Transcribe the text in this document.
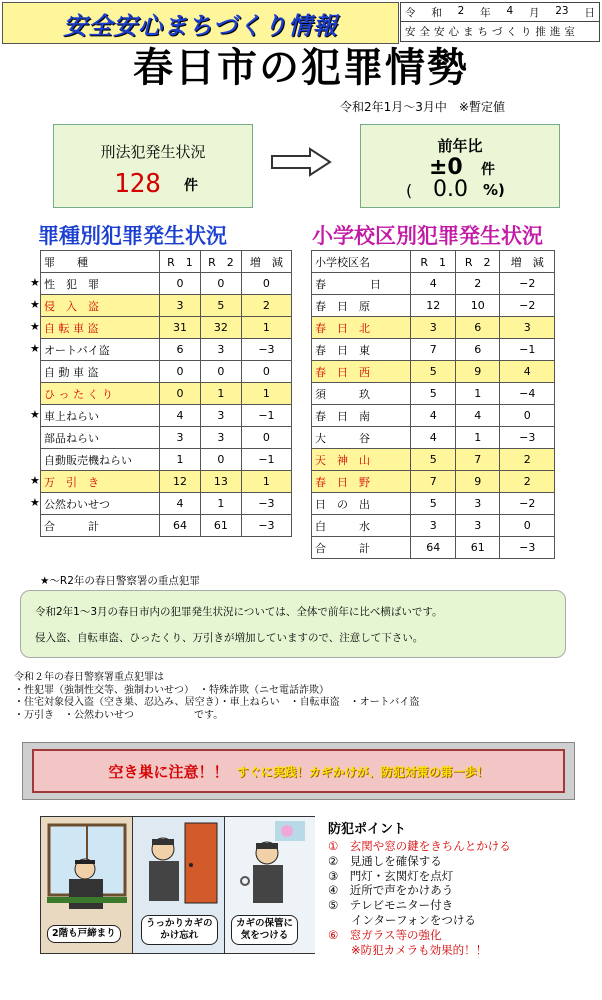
安全安心まちづくり情報	令 和 2 年 4 月 23 日
安全安心まちづくり推進室
春日市の犯罪情勢
令和2年1月〜3月中　※暫定値
刑法犯発生状況
128 件
前年比
±0 件
( 0.0 %)
罪種別犯罪発生状況	小学校区別犯罪発生状況
★
★
★
★
★
★
★
罪　　種	R　1	R　2	増　減
性　犯　罪	0	0	0
侵　入　盗	3	5	2
自 転 車 盗	31	32	1
オートバイ盗	6	3	−3
自 動 車 盗	0	0	0
ひ っ た く り	0	1	1
車上ねらい	4	3	−1
部品ねらい	3	3	0
自動販売機ねらい	1	0	−1
万　引　き	12	13	1
公然わいせつ	4	1	−3
合　　　計	64	61	−3
小学校区名	R　1	R　2	増　減
春　　　　日	4	2	−2
春　日　原	12	10	−2
春　日　北	3	6	3
春　日　東	7	6	−1
春　日　西	5	9	4
須　　　玖	5	1	−4
春　日　南	4	4	0
大　　　谷	4	1	−3
天　神　山	5	7	2
春　日　野	7	9	2
日　の　出	5	3	−2
白　　　水	3	3	0
合　　　計	64	61	−3
★〜R2年の春日警察署の重点犯罪
令和2年1〜3月の春日市内の犯罪発生状況については、全体で前年に比べ横ばいです。
侵入盗、自転車盗、ひったくり、万引きが増加していますので、注意して下さい。
令和２年の春日警察署重点犯罪は
・性犯罪（強制性交等、強制わいせつ）　・特殊詐欺（ニセ電話詐欺）
・住宅対象侵入盗（空き巣、忍込み、居空き）・車上ねらい　・自転車盗　・オートバイ盗
・万引き　・公然わいせつ　　　　　　です。
空き巣に注意！！ すぐに実践！カギかけが、防犯対策の第一歩！
2階も戸締まり
うっかりカギの
かけ忘れ
カギの保管に
気をつける
防犯ポイント
①　玄関や窓の鍵をきちんとかける
②　見通しを確保する
③　門灯・玄関灯を点灯
④　近所で声をかけあう
⑤　テレビモニター付き
　　インターフォンをつける
⑥　窓ガラス等の強化
　　※防犯カメラも効果的！！
